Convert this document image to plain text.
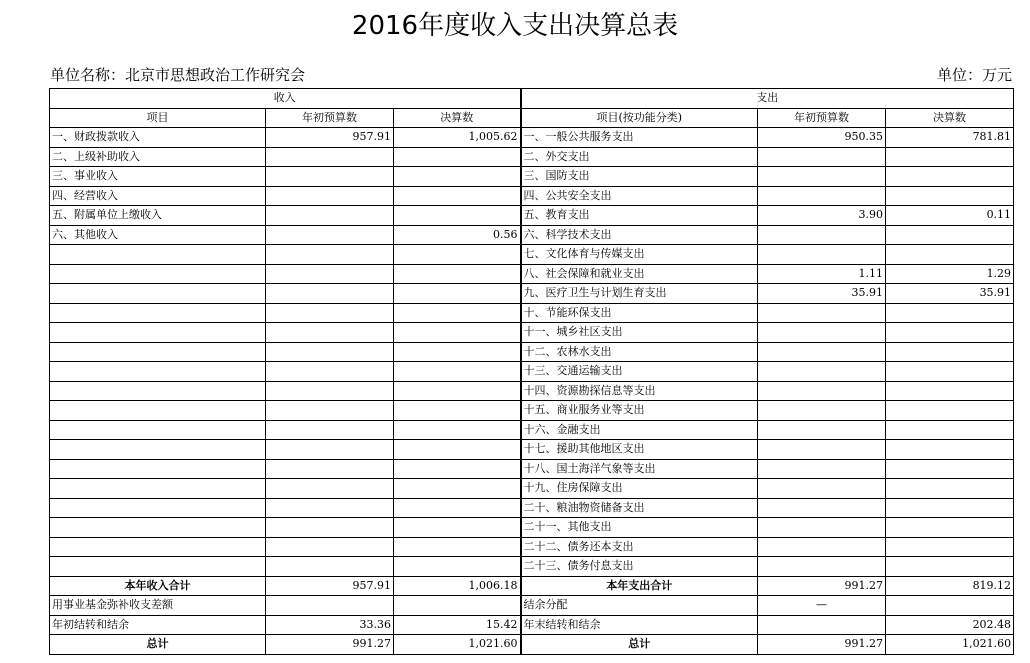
2016年度收入支出决算总表
单位名称：北京市思想政治工作研究会	单位：万元
收入			支出		
项目	年初预算数	决算数	项目(按功能分类)	年初预算数	决算数
一、财政拨款收入	957.91	1,005.62	一、一般公共服务支出	950.35	781.81
二、上级补助收入			二、外交支出		
三、事业收入			三、国防支出		
四、经营收入			四、公共安全支出		
五、附属单位上缴收入			五、教育支出	3.90	0.11
六、其他收入		0.56	六、科学技术支出		
			七、文化体育与传媒支出		
			八、社会保障和就业支出	1.11	1.29
			九、医疗卫生与计划生育支出	35.91	35.91
			十、节能环保支出		
			十一、城乡社区支出		
			十二、农林水支出		
			十三、交通运输支出		
			十四、资源勘探信息等支出		
			十五、商业服务业等支出		
			十六、金融支出		
			十七、援助其他地区支出		
			十八、国土海洋气象等支出		
			十九、住房保障支出		
			二十、粮油物资储备支出		
			二十一、其他支出		
			二十二、债务还本支出		
			二十三、债务付息支出		
本年收入合计	957.91	1,006.18	本年支出合计	991.27	819.12
用事业基金弥补收支差额			结余分配	—	
年初结转和结余	33.36	15.42	年末结转和结余		202.48
总计	991.27	1,021.60	总计	991.27	1,021.60
